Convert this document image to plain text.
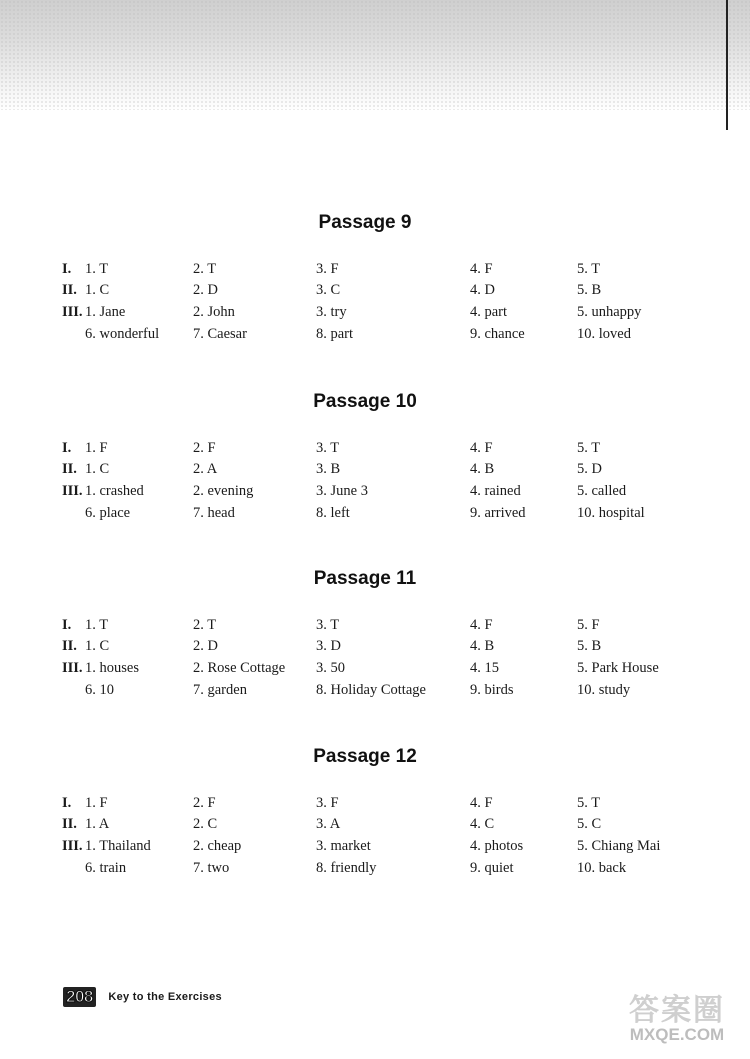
Passage 9
I. 1. T	2. T	3. F	4. F	5. T
II. 1. C	2. D	3. C	4. D	5. B
III. 1. Jane	2. John	3. try	4. part	5. unhappy
6. wonderful 7. Caesar	8. part	9. chance	10. loved
Passage 10
I. 1. F	2. F	3. T	4. F	5. T
II. 1. C	2. A	3. B	4. B	5. D
III. 1. crashed	2. evening	3. June 3	4. rained	5. called
6. place	7. head	8. left	9. arrived	10. hospital
Passage 11
I. 1. T	2. T	3. T	4. F	5. F
II. 1. C	2. D	3. D	4. B	5. B
III. 1. houses	2. Rose Cottage 3. 50	4. 15	5. Park House
6. 10	7. garden	8. Holiday Cottage	9. birds	10. study
Passage 12
I. 1. F	2. F	3. F	4. F	5. T
II. 1. A	2. C	3. A	4. C	5. C
III. 1. Thailand	2. cheap	3. market	4. photos	5. Chiang Mai
6. train	7. two	8. friendly	9. quiet	10. back
208 Key to the Exercises	答案圈
MXQE.COM
